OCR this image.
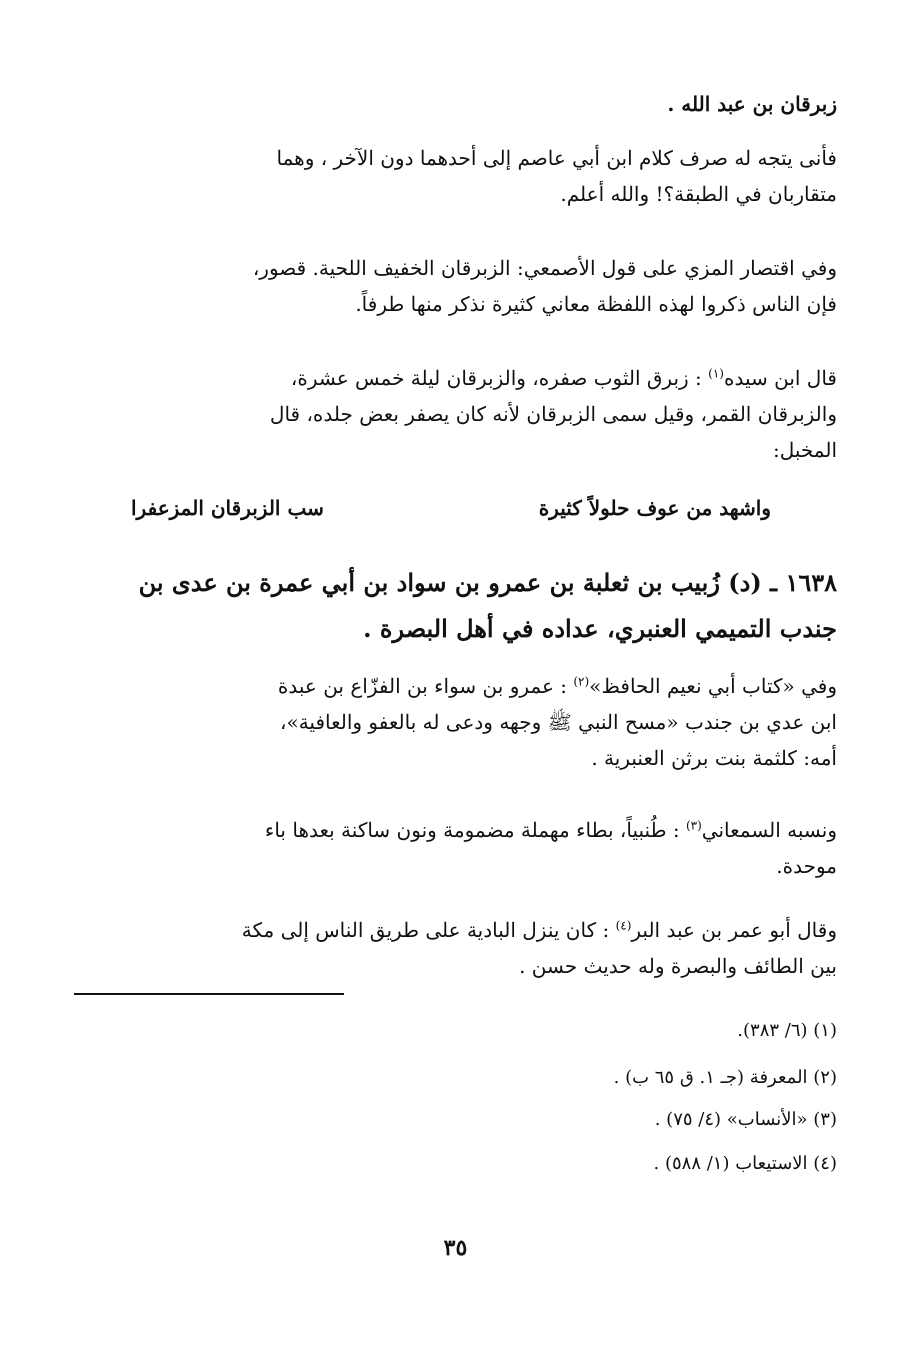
زبرقان بن عبد الله .
فأنى يتجه له صرف كلام ابن أبي عاصم إلى أحدهما دون الآخر ، وهما
متقاربان في الطبقة؟! والله أعلم.
وفي اقتصار المزي على قول الأصمعي: الزبرقان الخفيف اللحية. قصور،
فإن الناس ذكروا لهذه اللفظة معاني كثيرة نذكر منها طرفاً.
قال ابن سيده$^{(١)}$ : زبرق الثوب صفره، والزبرقان ليلة خمس عشرة،
والزبرقان القمر، وقيل سمى الزبرقان لأنه كان يصفر بعض جلده، قال
المخبل:
واشهد من عوف حلولاً كثيرة
سب الزبرقان المزعفرا
١٦٣٨ ـ (د) زُبيب بن ثعلبة بن عمرو بن سواد بن أبي عمرة بن عدى بن
جندب التميمي العنبري، عداده في أهل البصرة .
وفي «كتاب أبي نعيم الحافظ»$^{(٢)}$ : عمرو بن سواء بن الفزّاع بن عبدة
ابن عدي بن جندب «مسح النبي ﷺ وجهه ودعى له بالعفو والعافية»،
أمه: كلثمة بنت برثن العنبرية .
ونسبه السمعاني$^{(٣)}$ : طُنبياً، بطاء مهملة مضمومة ونون ساكنة بعدها باء
موحدة.
وقال أبو عمر بن عبد البر$^{(٤)}$ : كان ينزل البادية على طريق الناس إلى مكة
بين الطائف والبصرة وله حديث حسن .
(١) (٦/ ٣٨٣).
(٢) المعرفة (جـ ١. ق ٦٥ ب) .
(٣) «الأنساب» (٤/ ٧٥) .
(٤) الاستيعاب (١/ ٥٨٨) .
٣٥
